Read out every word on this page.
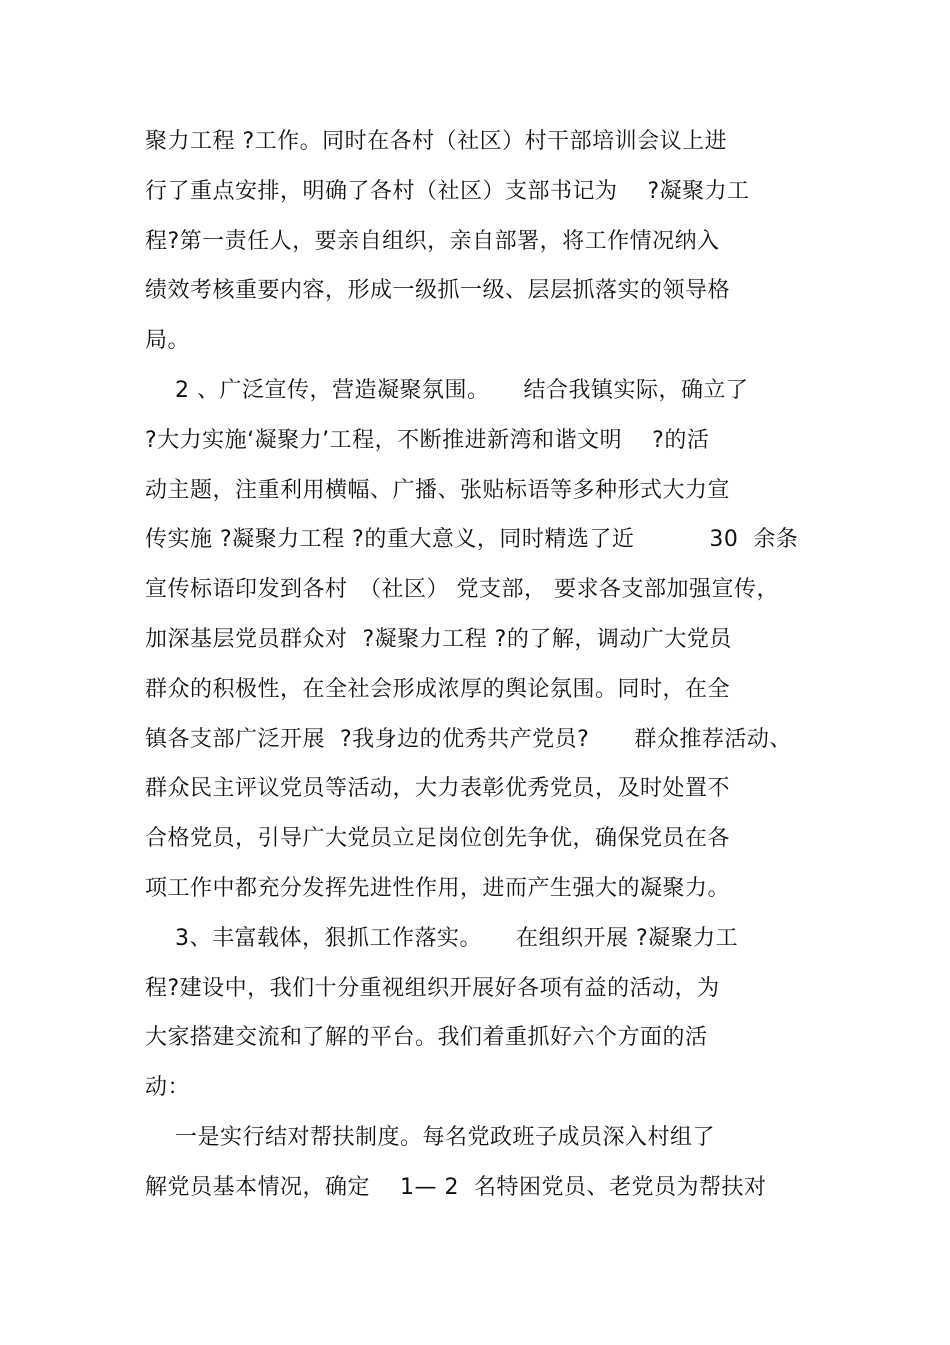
聚力工程 ?工作。同时在各村（社区）村干部培训会议上进
行了重点安排，明确了各村（社区）支部书记为　 ?凝聚力工
程?第一责任人，要亲自组织，亲自部署，将工作情况纳入
绩效考核重要内容，形成一级抓一级、层层抓落实的领导格
局。
　 2 、广泛宣传，营造凝聚氛围。　　结合我镇实际，确立了
?大力实施‘凝聚力’工程，不断推进新湾和谐文明　 ?的活
动主题，注重利用横幅、广播、张贴标语等多种形式大力宣
传实施 ?凝聚力工程 ?的重大意义，同时精选了近　　　 30  余条
宣传标语印发到各村　（社区） 党支部， 要求各支部加强宣传，
加深基层党员群众对  ?凝聚力工程 ?的了解，调动广大党员
群众的积极性，在全社会形成浓厚的舆论氛围。同时，在全
镇各支部广泛开展  ?我身边的优秀共产党员?　　群众推荐活动、
群众民主评议党员等活动，大力表彰优秀党员，及时处置不
合格党员，引导广大党员立足岗位创先争优，确保党员在各
项工作中都充分发挥先进性作用，进而产生强大的凝聚力。
　 3、丰富载体，狠抓工作落实。　　在组织开展 ?凝聚力工
程?建设中，我们十分重视组织开展好各项有益的活动，为
大家搭建交流和了解的平台。我们着重抓好六个方面的活
动：
　 一是实行结对帮扶制度。每名党政班子成员深入村组了
解党员基本情况，确定　 1— 2  名特困党员、老党员为帮扶对
